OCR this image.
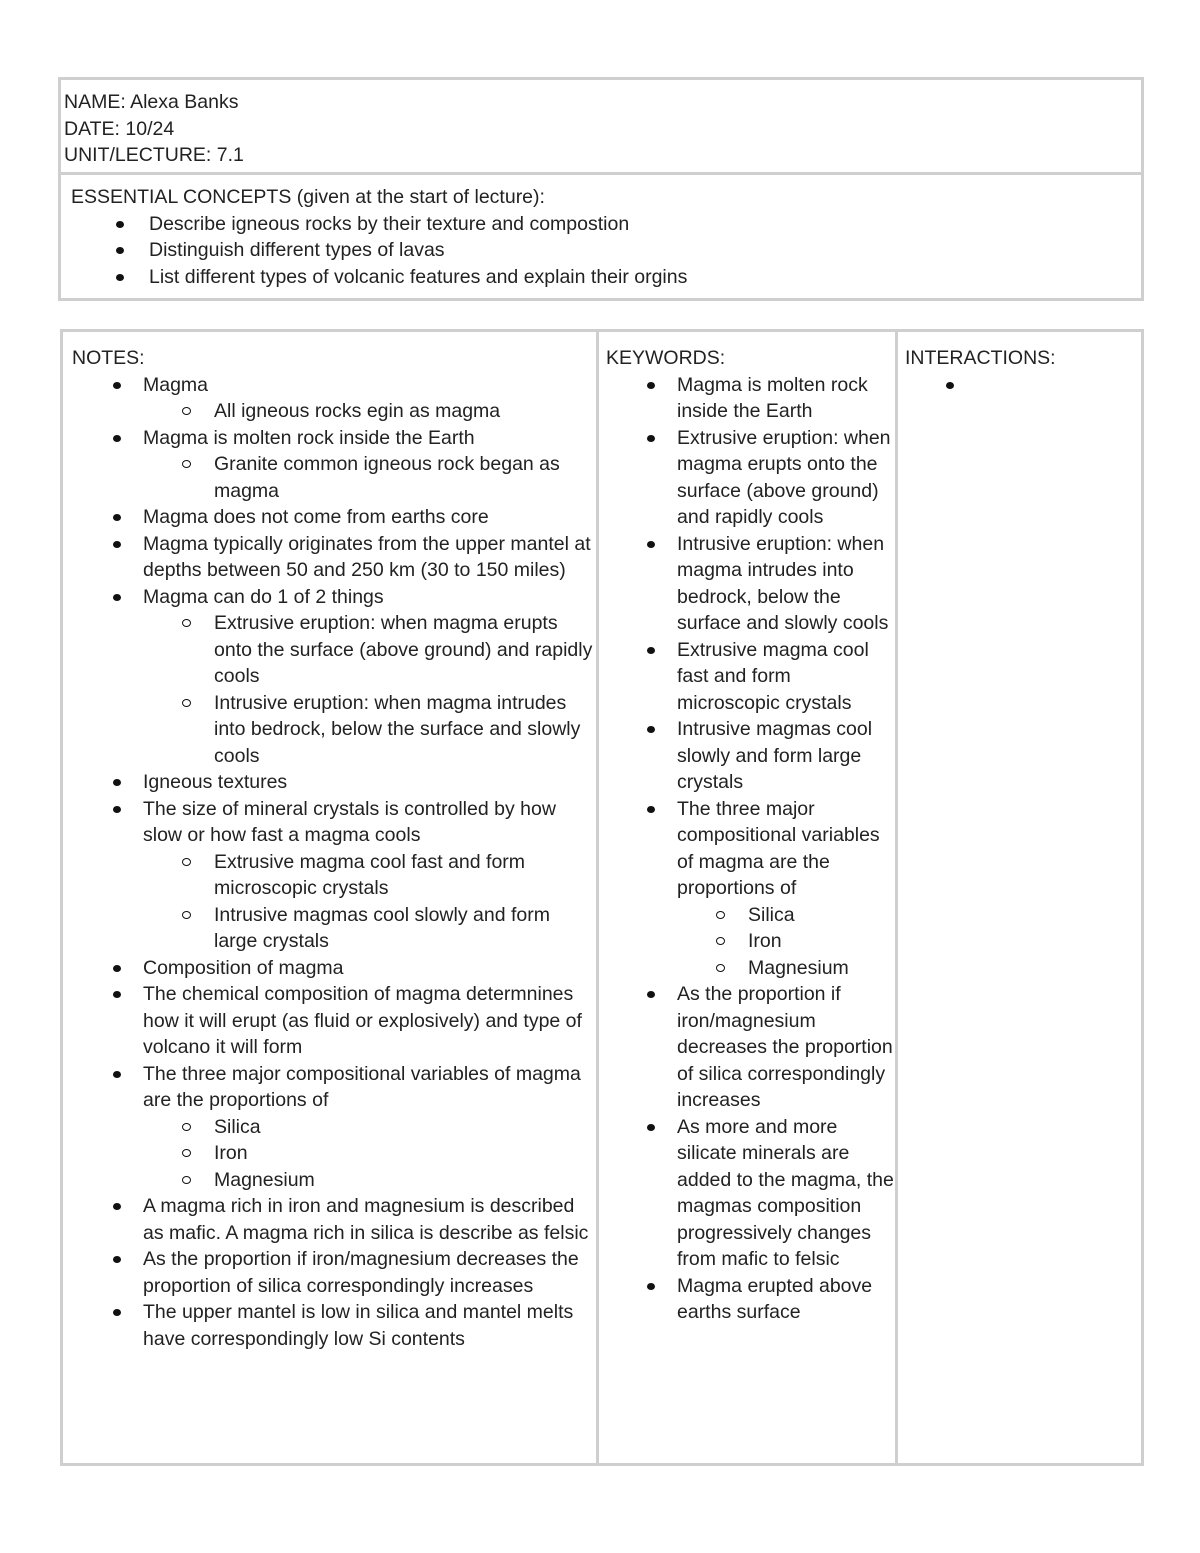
NAME: Alexa Banks
DATE: 10/24
UNIT/LECTURE: 7.1
ESSENTIAL CONCEPTS (given at the start of lecture):
Describe igneous rocks by their texture and compostion
Distinguish different types of lavas
List different types of volcanic features and explain their orgins
NOTES:
Magma
All igneous rocks egin as magma
Magma is molten rock inside the Earth
Granite common igneous rock began as magma
Magma does not come from earths core
Magma typically originates from the upper mantel at depths between 50 and 250 km (30 to 150 miles)
Magma can do 1 of 2 things
Extrusive eruption: when magma erupts onto the surface (above ground) and rapidly cools
Intrusive eruption: when magma intrudes into bedrock, below the surface and slowly cools
Igneous textures
The size of mineral crystals is controlled by how slow or how fast a magma cools
Extrusive magma cool fast and form microscopic crystals
Intrusive magmas cool slowly and form large crystals
Composition of magma
The chemical composition of magma determnines how it will erupt (as fluid or explosively) and type of volcano it will form
The three major compositional variables of magma are the proportions of
Silica
Iron
Magnesium
A magma rich in iron and magnesium is described as mafic. A magma rich in silica is describe as felsic
As the proportion if iron/magnesium decreases the proportion of silica correspondingly increases
The upper mantel is low in silica and mantel melts have correspondingly low Si contents
KEYWORDS:
Magma is molten rock inside the Earth
Extrusive eruption: when magma erupts onto the surface (above ground) and rapidly cools
Intrusive eruption: when magma intrudes into bedrock, below the surface and slowly cools
Extrusive magma cool fast and form microscopic crystals
Intrusive magmas cool slowly and form large crystals
The three major compositional variables of magma are the proportions of
Silica
Iron
Magnesium
As the proportion if iron/magnesium decreases the proportion of silica correspondingly increases
As more and more silicate minerals are added to the magma, the magmas composition progressively changes from mafic to felsic
Magma erupted above earths surface
INTERACTIONS:
